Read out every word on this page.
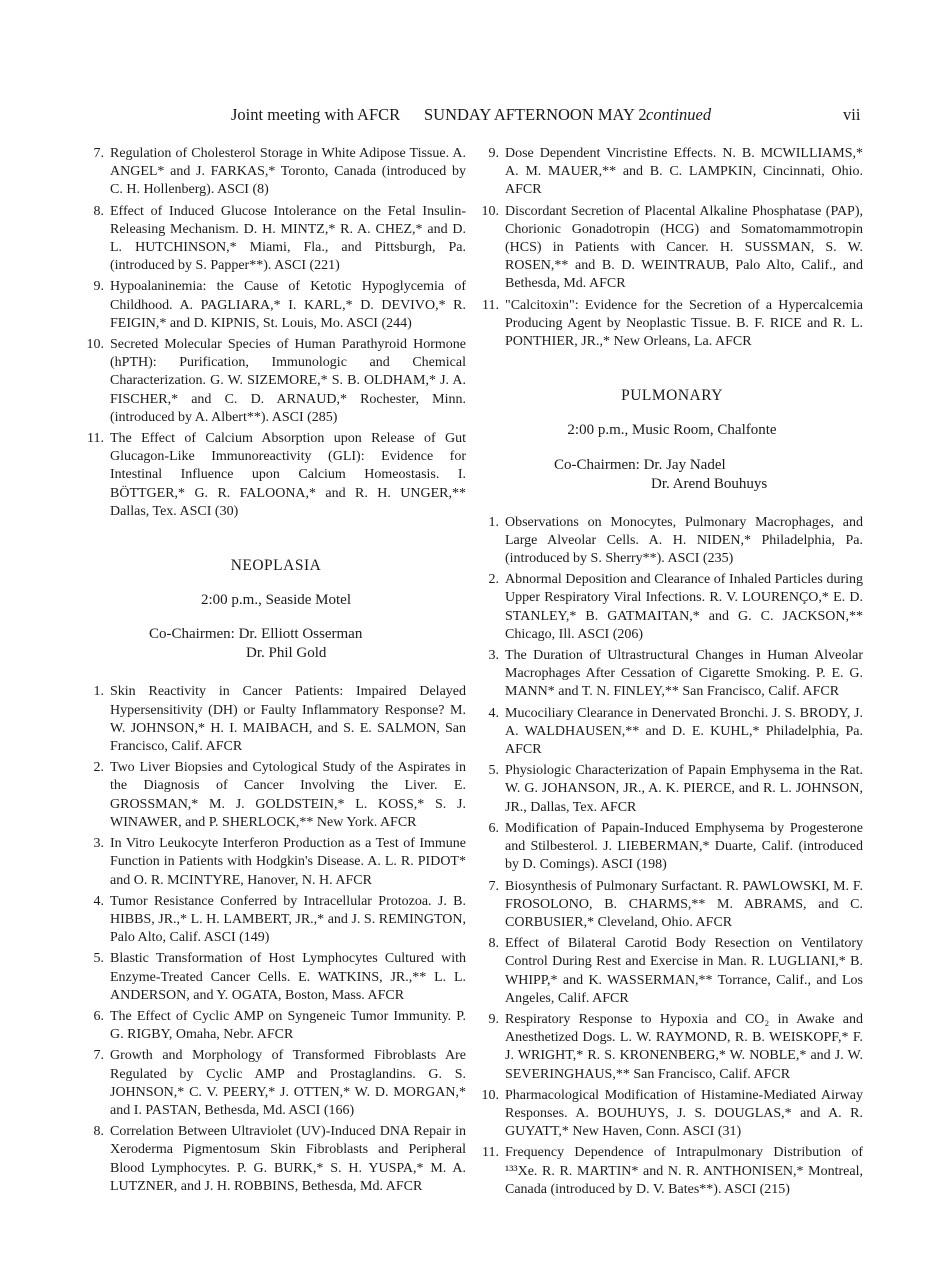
Joint meeting with AFCR SUNDAY AFTERNOON MAY 2 continued	vii
7. Regulation of Cholesterol Storage in White Adipose Tissue. A. ANGEL* and J. FARKAS,* Toronto, Canada (introduced by C. H. Hollenberg). ASCI (8)
8. Effect of Induced Glucose Intolerance on the Fetal Insulin-Releasing Mechanism. D. H. MINTZ,* R. A. CHEZ,* and D. L. HUTCHINSON,* Miami, Fla., and Pittsburgh, Pa. (introduced by S. Papper**). ASCI (221)
9. Hypoalaninemia: the Cause of Ketotic Hypoglycemia of Childhood. A. PAGLIARA,* I. KARL,* D. DEVIVO,* R. FEIGIN,* and D. KIPNIS, St. Louis, Mo. ASCI (244)
10. Secreted Molecular Species of Human Parathyroid Hormone (hPTH): Purification, Immunologic and Chemical Characterization. G. W. SIZEMORE,* S. B. OLDHAM,* J. A. FISCHER,* and C. D. ARNAUD,* Rochester, Minn. (introduced by A. Albert**). ASCI (285)
11. The Effect of Calcium Absorption upon Release of Gut Glucagon-Like Immunoreactivity (GLI): Evidence for Intestinal Influence upon Calcium Homeostasis. I. BÖTTGER,* G. R. FALOONA,* and R. H. UNGER,** Dallas, Tex. ASCI (30)
NEOPLASIA
2:00 p.m., Seaside Motel
Co-Chairmen: Dr. Elliott Osserman
Dr. Phil Gold
1. Skin Reactivity in Cancer Patients: Impaired Delayed Hypersensitivity (DH) or Faulty Inflammatory Response? M. W. JOHNSON,* H. I. MAIBACH, and S. E. SALMON, San Francisco, Calif. AFCR
2. Two Liver Biopsies and Cytological Study of the Aspirates in the Diagnosis of Cancer Involving the Liver. E. GROSSMAN,* M. J. GOLDSTEIN,* L. KOSS,* S. J. WINAWER, and P. SHERLOCK,** New York. AFCR
3. In Vitro Leukocyte Interferon Production as a Test of Immune Function in Patients with Hodgkin's Disease. A. L. R. PIDOT* and O. R. MCINTYRE, Hanover, N. H. AFCR
4. Tumor Resistance Conferred by Intracellular Protozoa. J. B. HIBBS, JR.,* L. H. LAMBERT, JR.,* and J. S. REMINGTON, Palo Alto, Calif. ASCI (149)
5. Blastic Transformation of Host Lymphocytes Cultured with Enzyme-Treated Cancer Cells. E. WATKINS, JR.,** L. L. ANDERSON, and Y. OGATA, Boston, Mass. AFCR
6. The Effect of Cyclic AMP on Syngeneic Tumor Immunity. P. G. RIGBY, Omaha, Nebr. AFCR
7. Growth and Morphology of Transformed Fibroblasts Are Regulated by Cyclic AMP and Prostaglandins. G. S. JOHNSON,* C. V. PEERY,* J. OTTEN,* W. D. MORGAN,* and I. PASTAN, Bethesda, Md. ASCI (166)
8. Correlation Between Ultraviolet (UV)-Induced DNA Repair in Xeroderma Pigmentosum Skin Fibroblasts and Peripheral Blood Lymphocytes. P. G. BURK,* S. H. YUSPA,* M. A. LUTZNER, and J. H. ROBBINS, Bethesda, Md. AFCR
9. Dose Dependent Vincristine Effects. N. B. MCWILLIAMS,* A. M. MAUER,** and B. C. LAMPKIN, Cincinnati, Ohio. AFCR
10. Discordant Secretion of Placental Alkaline Phosphatase (PAP), Chorionic Gonadotropin (HCG) and Somatomammotropin (HCS) in Patients with Cancer. H. SUSSMAN, S. W. ROSEN,** and B. D. WEINTRAUB, Palo Alto, Calif., and Bethesda, Md. AFCR
11. "Calcitoxin": Evidence for the Secretion of a Hypercalcemia Producing Agent by Neoplastic Tissue. B. F. RICE and R. L. PONTHIER, JR.,* New Orleans, La. AFCR
PULMONARY
2:00 p.m., Music Room, Chalfonte
Co-Chairmen: Dr. Jay Nadel
Dr. Arend Bouhuys
1. Observations on Monocytes, Pulmonary Macrophages, and Large Alveolar Cells. A. H. NIDEN,* Philadelphia, Pa. (introduced by S. Sherry**). ASCI (235)
2. Abnormal Deposition and Clearance of Inhaled Particles during Upper Respiratory Viral Infections. R. V. LOURENÇO,* E. D. STANLEY,* B. GATMAITAN,* and G. C. JACKSON,** Chicago, Ill. ASCI (206)
3. The Duration of Ultrastructural Changes in Human Alveolar Macrophages After Cessation of Cigarette Smoking. P. E. G. MANN* and T. N. FINLEY,** San Francisco, Calif. AFCR
4. Mucociliary Clearance in Denervated Bronchi. J. S. BRODY, J. A. WALDHAUSEN,** and D. E. KUHL,* Philadelphia, Pa. AFCR
5. Physiologic Characterization of Papain Emphysema in the Rat. W. G. JOHANSON, JR., A. K. PIERCE, and R. L. JOHNSON, JR., Dallas, Tex. AFCR
6. Modification of Papain-Induced Emphysema by Progesterone and Stilbesterol. J. LIEBERMAN,* Duarte, Calif. (introduced by D. Comings). ASCI (198)
7. Biosynthesis of Pulmonary Surfactant. R. PAWLOWSKI, M. F. FROSOLONO, B. CHARMS,** M. ABRAMS, and C. CORBUSIER,* Cleveland, Ohio. AFCR
8. Effect of Bilateral Carotid Body Resection on Ventilatory Control During Rest and Exercise in Man. R. LUGLIANI,* B. WHIPP,* and K. WASSERMAN,** Torrance, Calif., and Los Angeles, Calif. AFCR
9. Respiratory Response to Hypoxia and CO₂ in Awake and Anesthetized Dogs. L. W. RAYMOND, R. B. WEISKOPF,* F. J. WRIGHT,* R. S. KRONENBERG,* W. NOBLE,* and J. W. SEVERINGHAUS,** San Francisco, Calif. AFCR
10. Pharmacological Modification of Histamine-Mediated Airway Responses. A. BOUHUYS, J. S. DOUGLAS,* and A. R. GUYATT,* New Haven, Conn. ASCI (31)
11. Frequency Dependence of Intrapulmonary Distribution of ¹³³Xe. R. R. MARTIN* and N. R. ANTHONISEN,* Montreal, Canada (introduced by D. V. Bates**). ASCI (215)
